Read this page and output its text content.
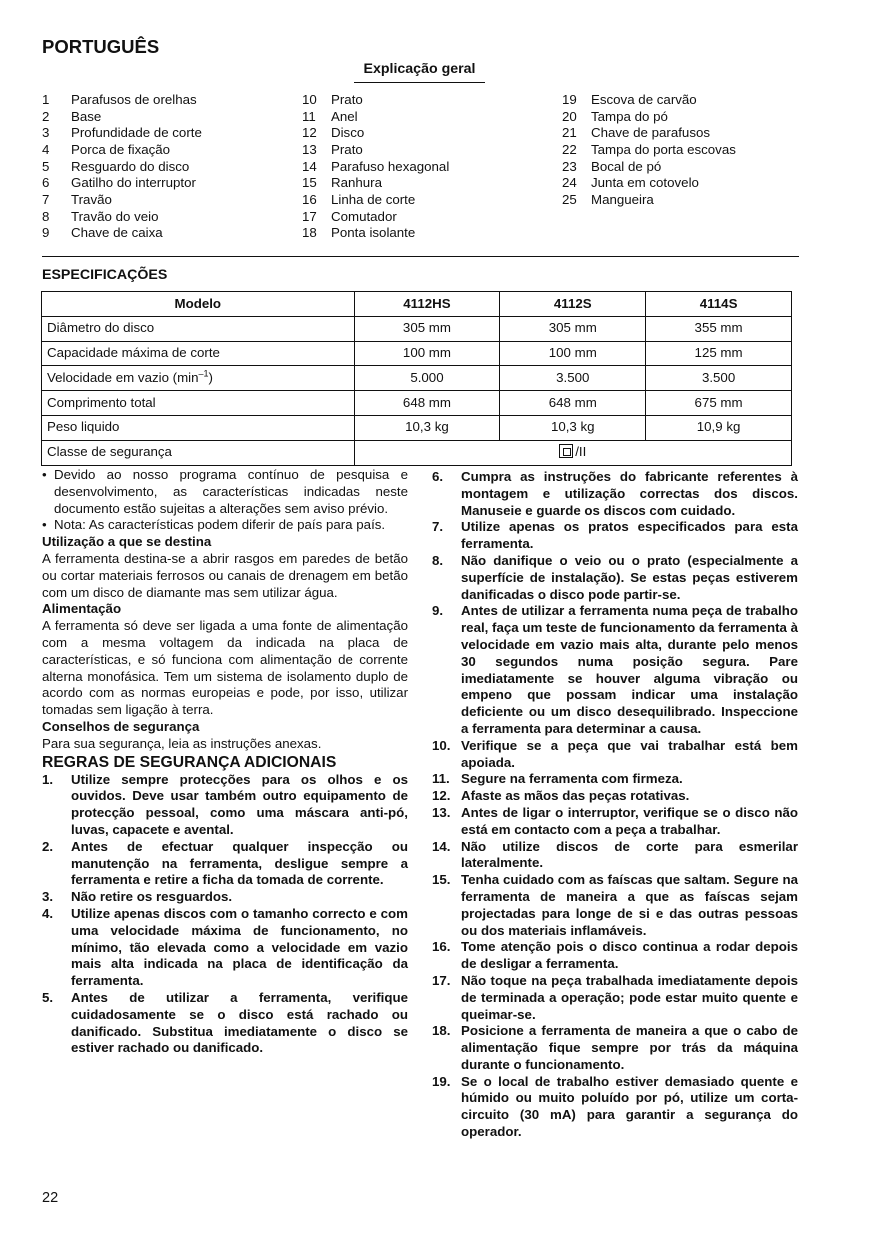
PORTUGUÊS
Explicação geral
1	Parafusos de orelhas
2	Base
3	Profundidade de corte
4	Porca de fixação
5	Resguardo do disco
6	Gatilho do interruptor
7	Travão
8	Travão do veio
9	Chave de caixa
10	Prato
11	Anel
12	Disco
13	Prato
14	Parafuso hexagonal
15	Ranhura
16	Linha de corte
17	Comutador
18	Ponta isolante
19	Escova de carvão
20	Tampa do pó
21	Chave de parafusos
22	Tampa do porta escovas
23	Bocal de pó
24	Junta em cotovelo
25	Mangueira
ESPECIFICAÇÕES
Modelo	4112HS	4112S	4114S
Diâmetro do disco	305 mm	305 mm	355 mm
Capacidade máxima de corte	100 mm	100 mm	125 mm
Velocidade em vazio $(\min^{-1})$	5.000	3.500	3.500
Comprimento total	648 mm	648 mm	675 mm
Peso liquido	10,3 kg	10,3 kg	10,9 kg
Classe de segurança	/II		
• Devido ao nosso programa contínuo de pesquisa e desenvolvimento, as características indicadas neste documento estão sujeitas a alterações sem aviso prévio.

• Nota: As características podem diferir de país para país.

Utilização a que se destina

A ferramenta destina-se a abrir rasgos em paredes de betão ou cortar materiais ferrosos ou canais de drenagem em betão com um disco de diamante mas sem utilizar água.

Alimentação

A ferramenta só deve ser ligada a uma fonte de alimentação com a mesma voltagem da indicada na placa de características, e só funciona com alimentação de corrente alterna monofásica. Tem um sistema de isolamento duplo de acordo com as normas europeias e pode, por isso, utilizar tomadas sem ligação à terra.

Conselhos de segurança

Para sua segurança, leia as instruções anexas.

REGRAS DE SEGURANÇA ADICIONAIS

1.	Utilize sempre protecções para os olhos e os ouvidos. Deve usar também outro equipamento de protecção pessoal, como uma máscara anti-pó, luvas, capacete e avental.
2.	Antes de efectuar qualquer inspecção ou manutenção na ferramenta, desligue sempre a ferramenta e retire a ficha da tomada de corrente.
3.	Não retire os resguardos.
4.	Utilize apenas discos com o tamanho correcto e com uma velocidade máxima de funcionamento, no mínimo, tão elevada como a velocidade em vazio mais alta indicada na placa de identificação da ferramenta.
5.	Antes de utilizar a ferramenta, verifique cuidadosamente se o disco está rachado ou danificado. Substitua imediatamente o disco se estiver rachado ou danificado.
6.	Cumpra as instruções do fabricante referentes à montagem e utilização correctas dos discos. Manuseie e guarde os discos com cuidado.
7.	Utilize apenas os pratos especificados para esta ferramenta.
8.	Não danifique o veio ou o prato (especialmente a superfície de instalação). Se estas peças estiverem danificadas o disco pode partir-se.
9.	Antes de utilizar a ferramenta numa peça de trabalho real, faça um teste de funcionamento da ferramenta à velocidade em vazio mais alta, durante pelo menos 30 segundos numa posição segura. Pare imediatamente se houver alguma vibração ou empeno que possam indicar uma instalação deficiente ou um disco desequilibrado. Inspeccione a ferramenta para determinar a causa.
10. Verifique se a peça que vai trabalhar está bem apoiada.
11. Segure na ferramenta com firmeza.
12. Afaste as mãos das peças rotativas.
13. Antes de ligar o interruptor, verifique se o disco não está em contacto com a peça a trabalhar.
14. Não utilize discos de corte para esmerilar lateralmente.
15. Tenha cuidado com as faíscas que saltam. Segure na ferramenta de maneira a que as faíscas sejam projectadas para longe de si e das outras pessoas ou dos materiais inflamáveis.
16. Tome atenção pois o disco continua a rodar depois de desligar a ferramenta.
17. Não toque na peça trabalhada imediatamente depois de terminada a operação; pode estar muito quente e queimar-se.
18. Posicione a ferramenta de maneira a que o cabo de alimentação fique sempre por trás da máquina durante o funcionamento.
19. Se o local de trabalho estiver demasiado quente e húmido ou muito poluído por pó, utilize um corta-circuito (30 mA) para garantir a segurança do operador.
22
